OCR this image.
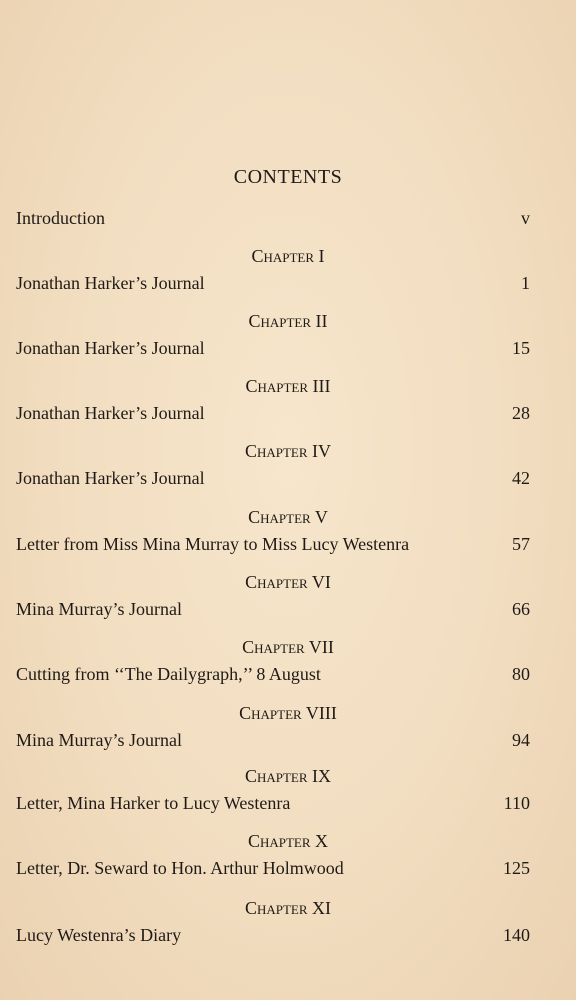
CONTENTS
Introduction	v
Chapter I
Jonathan Harker’s Journal	1
Chapter II
Jonathan Harker’s Journal	15
Chapter III
Jonathan Harker’s Journal	28
Chapter IV
Jonathan Harker’s Journal	42
Chapter V
Letter from Miss Mina Murray to Miss Lucy Westenra	57
Chapter VI
Mina Murray’s Journal	66
Chapter VII
Cutting from ‘‘The Dailygraph,’’ 8 August	80
Chapter VIII
Mina Murray’s Journal	94
Chapter IX
Letter, Mina Harker to Lucy Westenra	110
Chapter X
Letter, Dr. Seward to Hon. Arthur Holmwood	125
Chapter XI
Lucy Westenra’s Diary	140
